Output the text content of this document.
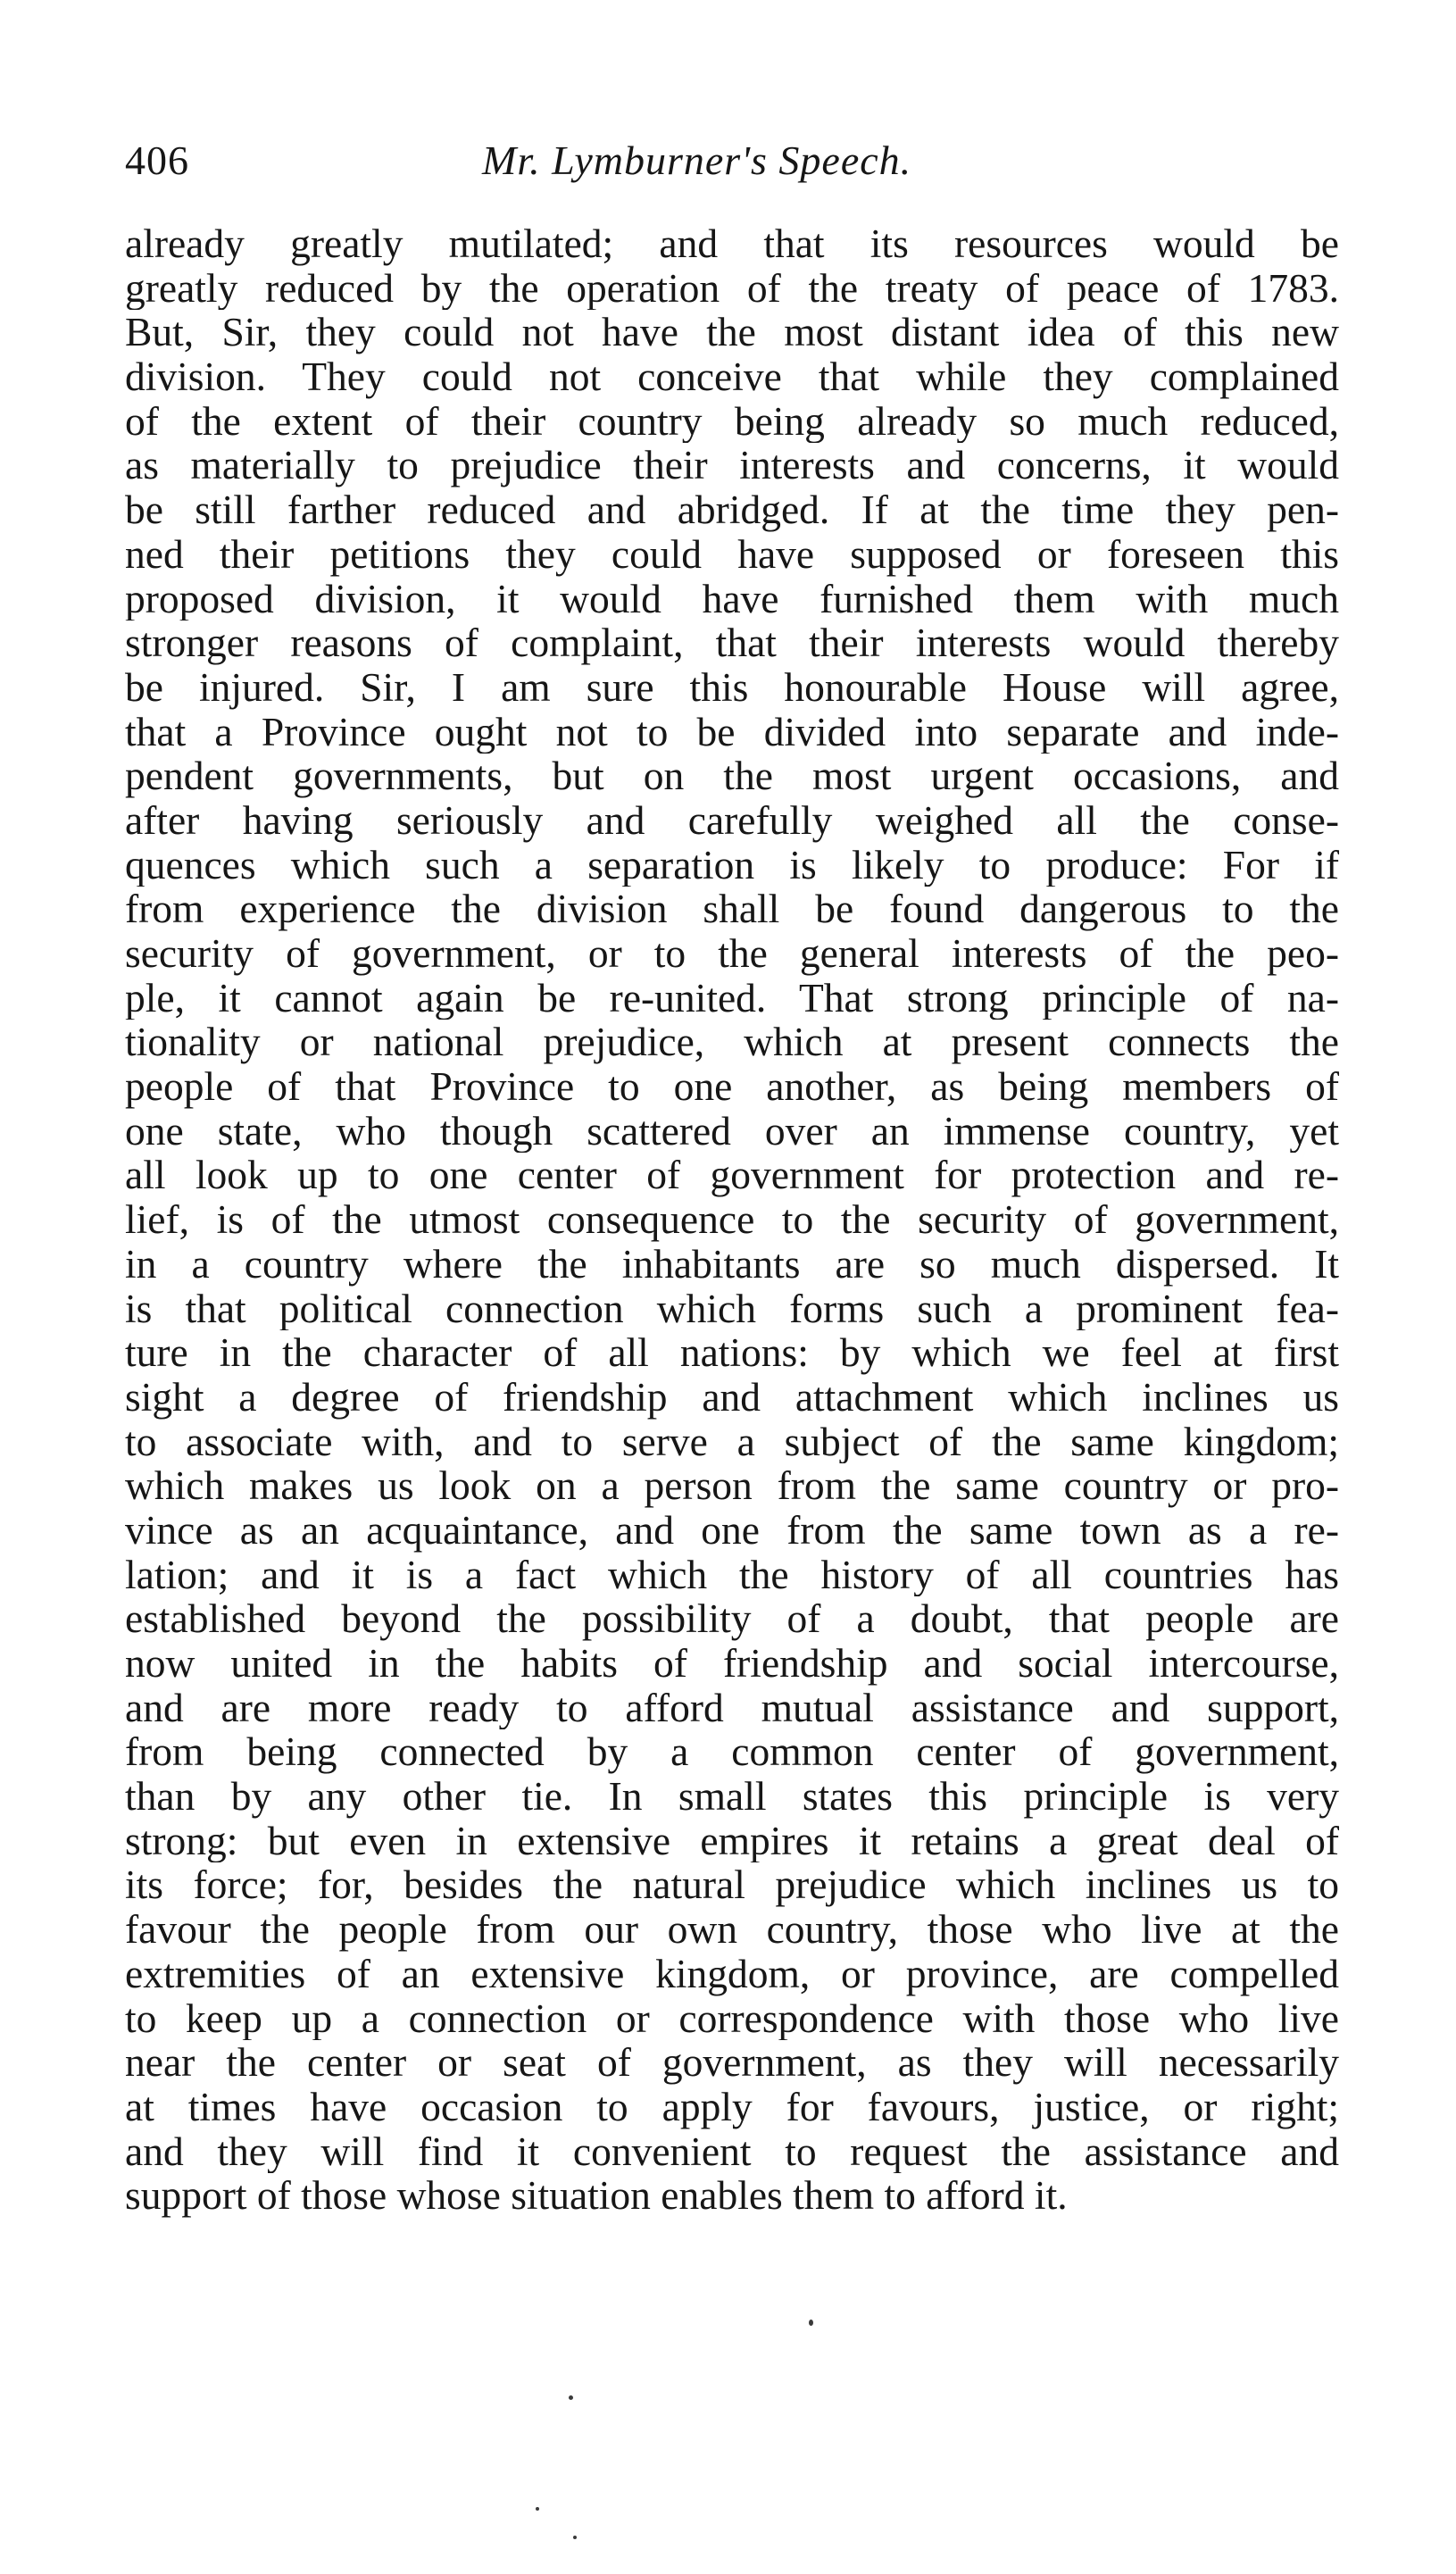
406	Mr. Lymburner's Speech.
already greatly mutilated; and that its resources would be
greatly reduced by the operation of the treaty of peace of 1783.
But, Sir, they could not have the most distant idea of this new
division. They could not conceive that while they complained
of the extent of their country being already so much reduced,
as materially to prejudice their interests and concerns, it would
be still farther reduced and abridged. If at the time they pen-
ned their petitions they could have supposed or foreseen this
proposed division, it would have furnished them with much
stronger reasons of complaint, that their interests would thereby
be injured. Sir, I am sure this honourable House will agree,
that a Province ought not to be divided into separate and inde-
pendent governments, but on the most urgent occasions, and
after having seriously and carefully weighed all the conse-
quences which such a separation is likely to produce: For if
from experience the division shall be found dangerous to the
security of government, or to the general interests of the peo-
ple, it cannot again be re-united. That strong principle of na-
tionality or national prejudice, which at present connects the
people of that Province to one another, as being members of
one state, who though scattered over an immense country, yet
all look up to one center of government for protection and re-
lief, is of the utmost consequence to the security of government,
in a country where the inhabitants are so much dispersed. It
is that political connection which forms such a prominent fea-
ture in the character of all nations: by which we feel at first
sight a degree of friendship and attachment which inclines us
to associate with, and to serve a subject of the same kingdom;
which makes us look on a person from the same country or pro-
vince as an acquaintance, and one from the same town as a re-
lation; and it is a fact which the history of all countries has
established beyond the possibility of a doubt, that people are
now united in the habits of friendship and social intercourse,
and are more ready to afford mutual assistance and support,
from being connected by a common center of government,
than by any other tie. In small states this principle is very
strong: but even in extensive empires it retains a great deal of
its force; for, besides the natural prejudice which inclines us to
favour the people from our own country, those who live at the
extremities of an extensive kingdom, or province, are compelled
to keep up a connection or correspondence with those who live
near the center or seat of government, as they will necessarily
at times have occasion to apply for favours, justice, or right;
and they will find it convenient to request the assistance and
support of those whose situation enables them to afford it.
